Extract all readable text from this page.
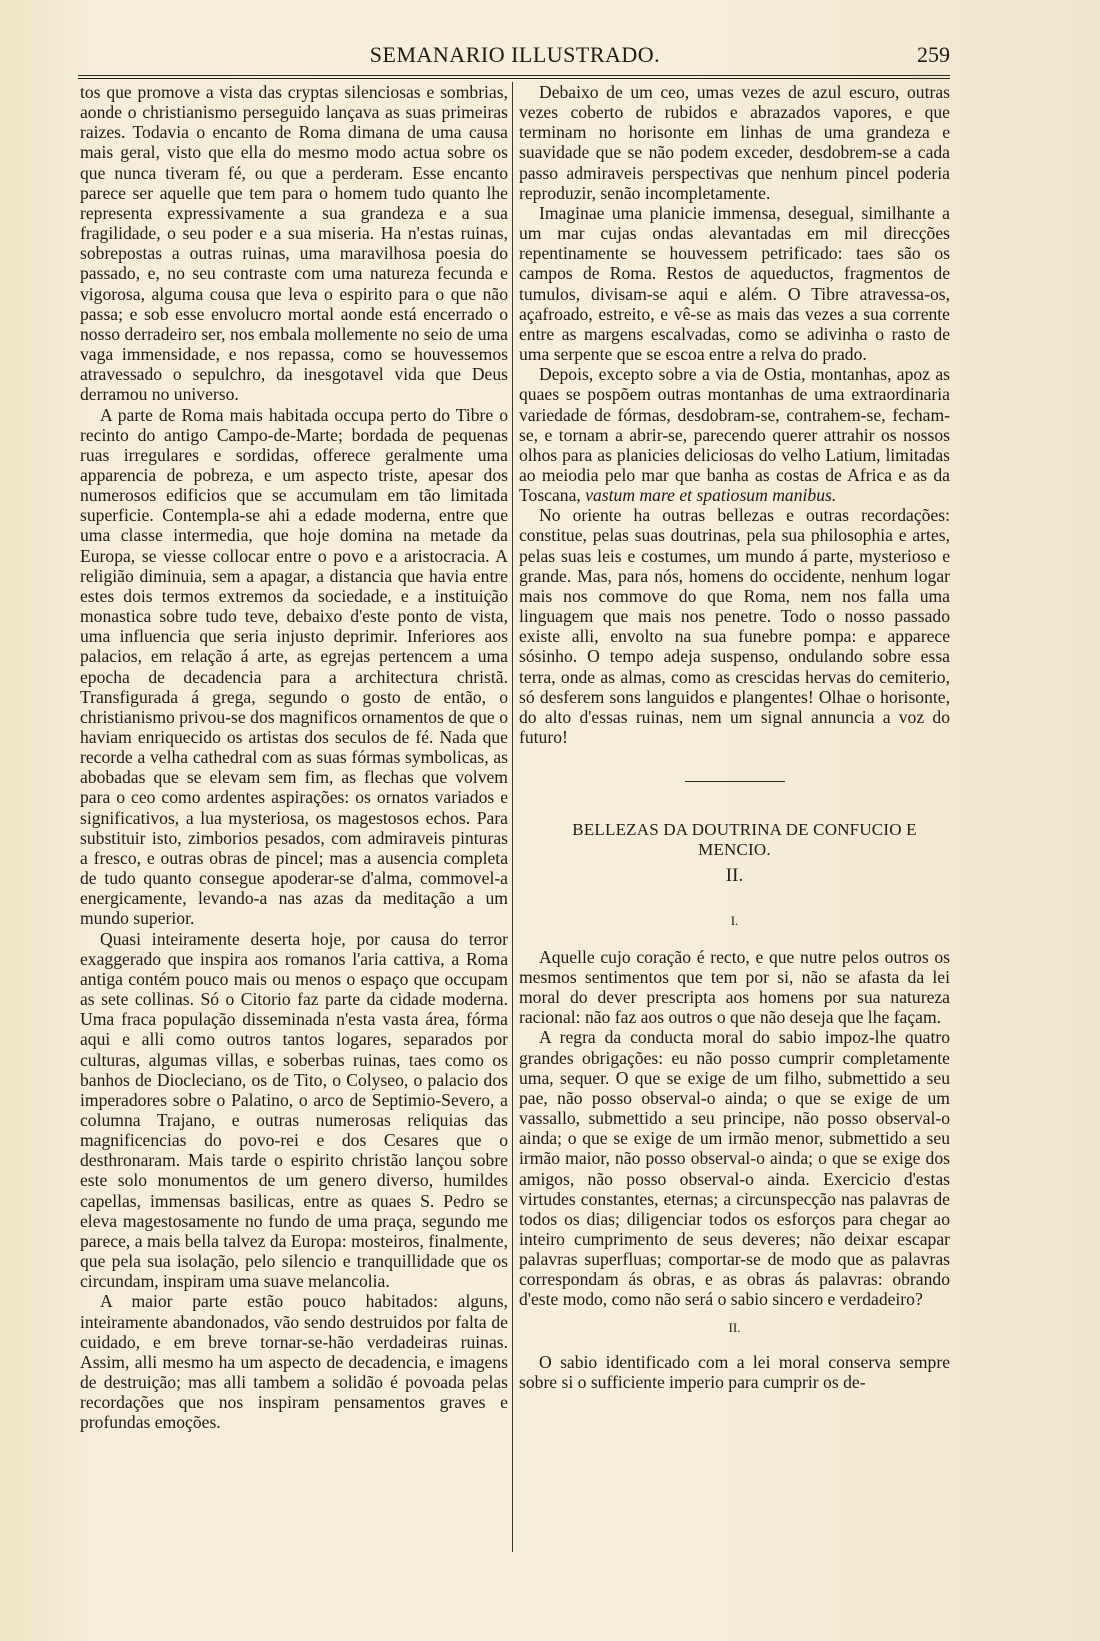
SEMANARIO ILLUSTRADO.	259

tos que promove a vista das cryptas silenciosas e sombrias, aonde o christianismo perseguido lançava as suas primeiras raizes. Todavia o encanto de Roma dimana de uma causa mais geral, visto que ella do mesmo modo actua sobre os que nunca tiveram fé, ou que a perderam. Esse encanto parece ser aquelle que tem para o homem tudo quanto lhe representa expressivamente a sua grandeza e a sua fragilidade, o seu poder e a sua miseria. Ha n'estas ruinas, sobrepostas a outras ruinas, uma maravilhosa poesia do passado, e, no seu contraste com uma natureza fecunda e vigorosa, alguma cousa que leva o espirito para o que não passa; e sob esse envolucro mortal aonde está encerrado o nosso derradeiro ser, nos embala mollemente no seio de uma vaga immensidade, e nos repassa, como se houvessemos atravessado o sepulchro, da inesgotavel vida que Deus derramou no universo.

A parte de Roma mais habitada occupa perto do Tibre o recinto do antigo Campo-de-Marte; bordada de pequenas ruas irregulares e sordidas, offerece geralmente uma apparencia de pobreza, e um aspecto triste, apesar dos numerosos edificios que se accumulam em tão limitada superficie. Contempla-se ahi a edade moderna, entre que uma classe intermedia, que hoje domina na metade da Europa, se viesse collocar entre o povo e a aristocracia. A religião diminuia, sem a apagar, a distancia que havia entre estes dois termos extremos da sociedade, e a instituição monastica sobre tudo teve, debaixo d'este ponto de vista, uma influencia que seria injusto deprimir. Inferiores aos palacios, em relação á arte, as egrejas pertencem a uma epocha de decadencia para a architectura christã. Transfigurada á grega, segundo o gosto de então, o christianismo privou-se dos magnificos ornamentos de que o haviam enriquecido os artistas dos seculos de fé. Nada que recorde a velha cathedral com as suas fórmas symbolicas, as abobadas que se elevam sem fim, as flechas que volvem para o ceo como ardentes aspirações: os ornatos variados e significativos, a lua mysteriosa, os magestosos echos. Para substituir isto, zimborios pesados, com admiraveis pinturas a fresco, e outras obras de pincel; mas a ausencia completa de tudo quanto consegue apoderar-se d'alma, commovel-a energicamente, levando-a nas azas da meditação a um mundo superior.

Quasi inteiramente deserta hoje, por causa do terror exaggerado que inspira aos romanos l'aria cattiva, a Roma antiga contém pouco mais ou menos o espaço que occupam as sete collinas. Só o Citorio faz parte da cidade moderna. Uma fraca população disseminada n'esta vasta área, fórma aqui e alli como outros tantos logares, separados por culturas, algumas villas, e soberbas ruinas, taes como os banhos de Diocleciano, os de Tito, o Colyseo, o palacio dos imperadores sobre o Palatino, o arco de Septimio-Severo, a columna Trajano, e outras numerosas reliquias das magnificencias do povo-rei e dos Cesares que o desthronaram. Mais tarde o espirito christão lançou sobre este solo monumentos de um genero diverso, humildes capellas, immensas basilicas, entre as quaes S. Pedro se eleva magestosamente no fundo de uma praça, segundo me parece, a mais bella talvez da Europa: mosteiros, finalmente, que pela sua isolação, pelo silencio e tranquillidade que os circundam, inspiram uma suave melancolia.

A maior parte estão pouco habitados: alguns, inteiramente abandonados, vão sendo destruidos por falta de cuidado, e em breve tornar-se-hão verdadeiras ruinas. Assim, alli mesmo ha um aspecto de decadencia, e imagens de destruição; mas alli tambem a solidão é povoada pelas recordações que nos inspiram pensamentos graves e profundas emoções.

Debaixo de um ceo, umas vezes de azul escuro, outras vezes coberto de rubidos e abrazados vapores, e que terminam no horisonte em linhas de uma grandeza e suavidade que se não podem exceder, desdobrem-se a cada passo admiraveis perspectivas que nenhum pincel poderia reproduzir, senão incompletamente.

Imaginae uma planicie immensa, desegual, similhante a um mar cujas ondas alevantadas em mil direcções repentinamente se houvessem petrificado: taes são os campos de Roma. Restos de aqueductos, fragmentos de tumulos, divisam-se aqui e além. O Tibre atravessa-os, açafroado, estreito, e vê-se as mais das vezes a sua corrente entre as margens escalvadas, como se adivinha o rasto de uma serpente que se escoa entre a relva do prado.

Depois, excepto sobre a via de Ostia, montanhas, apoz as quaes se pospõem outras montanhas de uma extraordinaria variedade de fórmas, desdobram-se, contrahem-se, fecham-se, e tornam a abrir-se, parecendo querer attrahir os nossos olhos para as planicies deliciosas do velho Latium, limitadas ao meiodia pelo mar que banha as costas de Africa e as da Toscana, vastum mare et spatiosum manibus.

No oriente ha outras bellezas e outras recordações: constitue, pelas suas doutrinas, pela sua philosophia e artes, pelas suas leis e costumes, um mundo á parte, mysterioso e grande. Mas, para nós, homens do occidente, nenhum logar mais nos commove do que Roma, nem nos falla uma linguagem que mais nos penetre. Todo o nosso passado existe alli, envolto na sua funebre pompa: e apparece sósinho. O tempo adeja suspenso, ondulando sobre essa terra, onde as almas, como as crescidas hervas do cemiterio, só desferem sons languidos e plangentes! Olhae o horisonte, do alto d'essas ruinas, nem um signal annuncia a voz do futuro!

BELLEZAS DA DOUTRINA DE CONFUCIO E MENCIO.

II.
I.

Aquelle cujo coração é recto, e que nutre pelos outros os mesmos sentimentos que tem por si, não se afasta da lei moral do dever prescripta aos homens por sua natureza racional: não faz aos outros o que não deseja que lhe façam.

A regra da conducta moral do sabio impoz-lhe quatro grandes obrigações: eu não posso cumprir completamente uma, sequer. O que se exige de um filho, submettido a seu pae, não posso observal-o ainda; o que se exige de um vassallo, submettido a seu principe, não posso observal-o ainda; o que se exige de um irmão menor, submettido a seu irmão maior, não posso observal-o ainda; o que se exige dos amigos, não posso observal-o ainda. Exercicio d'estas virtudes constantes, eternas; a circunspecção nas palavras de todos os dias; diligenciar todos os esforços para chegar ao inteiro cumprimento de seus deveres; não deixar escapar palavras superfluas; comportar-se de modo que as palavras correspondam ás obras, e as obras ás palavras: obrando d'este modo, como não será o sabio sincero e verdadeiro?

II.

O sabio identificado com a lei moral conserva sempre sobre si o sufficiente imperio para cumprir os de-
